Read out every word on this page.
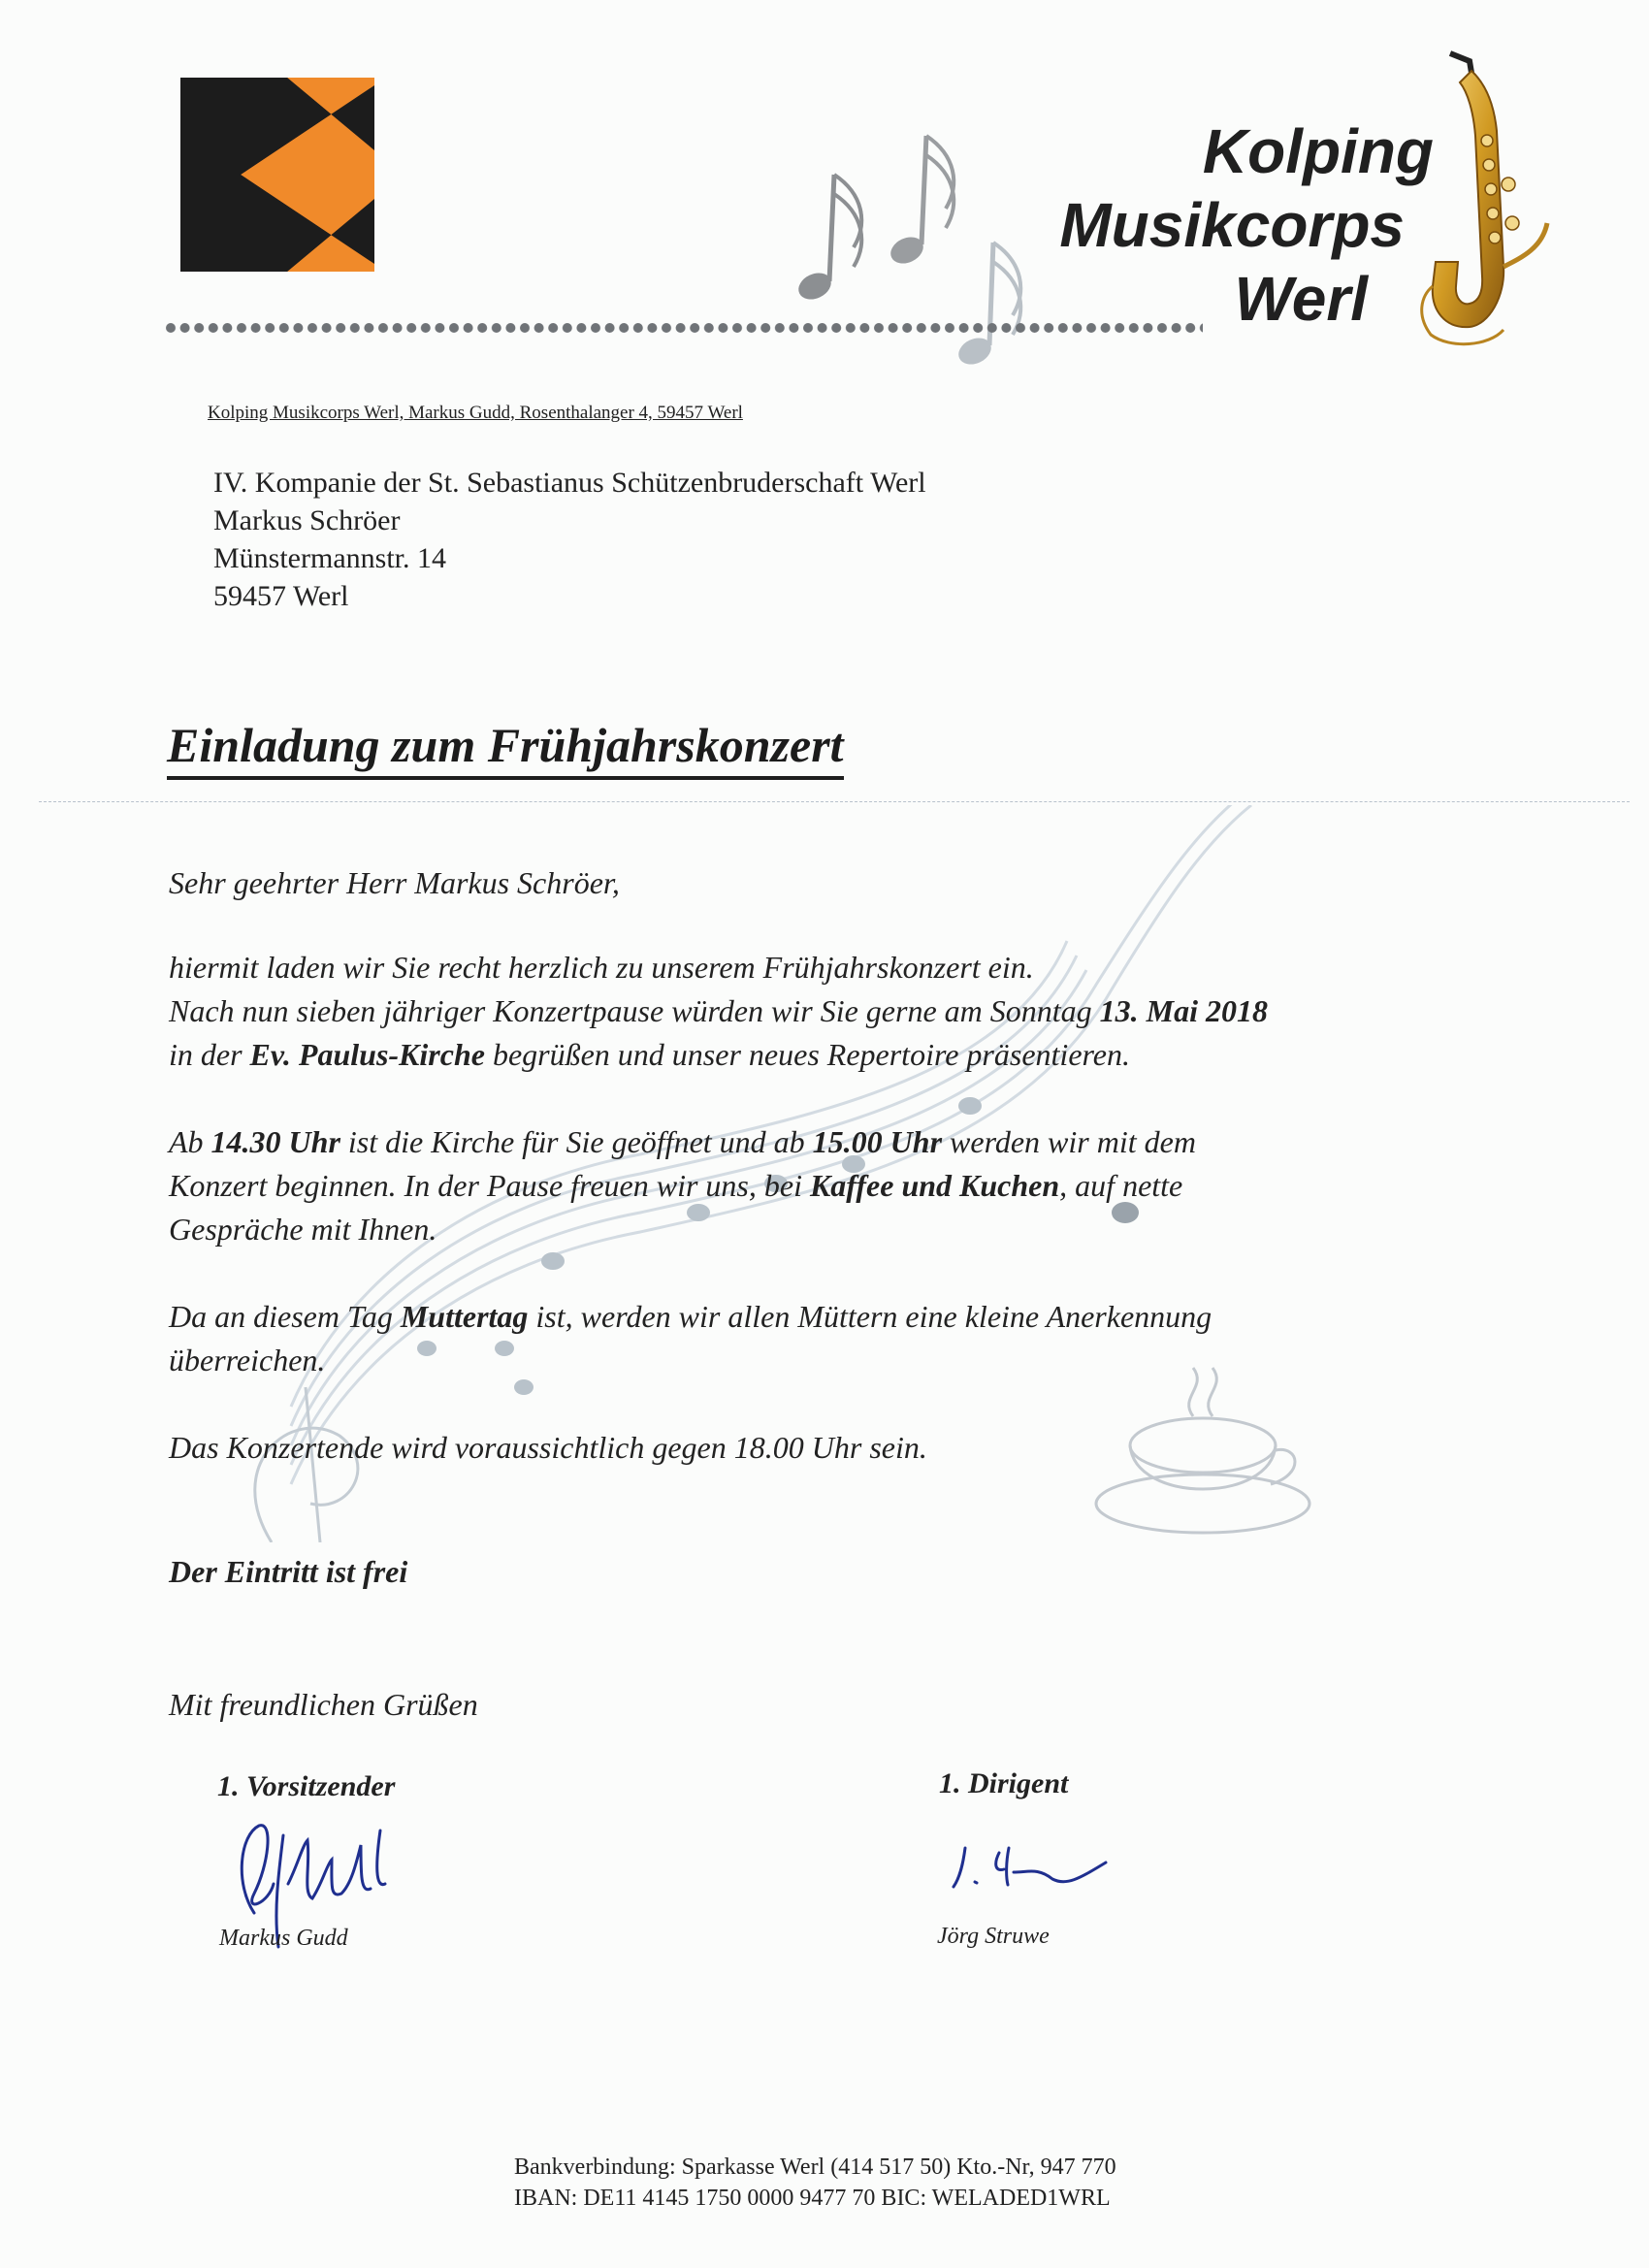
Kolping
Musikcorps
Werl
Kolping Musikcorps Werl, Markus Gudd, Rosenthalanger 4, 59457 Werl
IV. Kompanie der St. Sebastianus Schützenbruderschaft Werl
Markus Schröer
Münstermannstr. 14
59457 Werl
Einladung zum Frühjahrskonzert
Sehr geehrter Herr Markus Schröer,
hiermit laden wir Sie recht herzlich zu unserem Frühjahrskonzert ein.
Nach nun sieben jähriger Konzertpause würden wir Sie gerne am Sonntag 13. Mai 2018
in der Ev. Paulus-Kirche begrüßen und unser neues Repertoire präsentieren.
Ab 14.30 Uhr ist die Kirche für Sie geöffnet und ab 15.00 Uhr werden wir mit dem
Konzert beginnen. In der Pause freuen wir uns, bei Kaffee und Kuchen, auf nette
Gespräche mit Ihnen.
Da an diesem Tag Muttertag ist, werden wir allen Müttern eine kleine Anerkennung
überreichen.
Das Konzertende wird voraussichtlich gegen 18.00 Uhr sein.
Der Eintritt ist frei
Mit freundlichen Grüßen
1. Vorsitzender
Markus Gudd
1. Dirigent
Jörg Struwe
Bankverbindung: Sparkasse Werl (414 517 50) Kto.-Nr, 947 770
IBAN: DE11 4145 1750 0000 9477 70 BIC: WELADED1WRL
